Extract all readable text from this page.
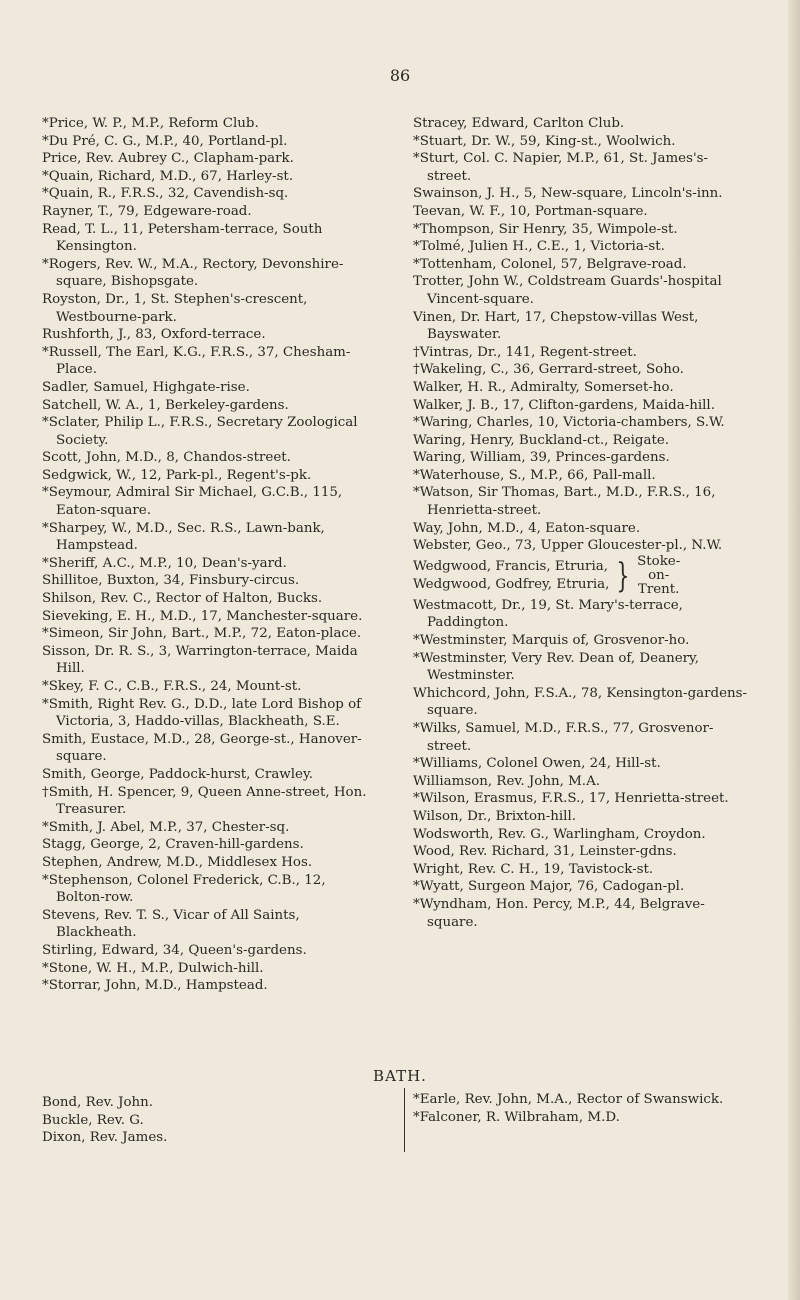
86

*Price, W. P., M.P., Reform Club.

*Du Pré, C. G., M.P., 40, Portland-pl.

Price, Rev. Aubrey C., Clapham-park.

*Quain, Richard, M.D., 67, Harley-st.

*Quain, R., F.R.S., 32, Cavendish-sq.

Rayner, T., 79, Edgeware-road.

Read, T. L., 11, Petersham-terrace, South Kensington.

*Rogers, Rev. W., M.A., Rectory, Devonshire-square, Bishopsgate.

Royston, Dr., 1, St. Stephen's-crescent, Westbourne-park.

Rushforth, J., 83, Oxford-terrace.

*Russell, The Earl, K.G., F.R.S., 37, Chesham-Place.

Sadler, Samuel, Highgate-rise.

Satchell, W. A., 1, Berkeley-gardens.

*Sclater, Philip L., F.R.S., Secretary Zoological Society.

Scott, John, M.D., 8, Chandos-street.

Sedgwick, W., 12, Park-pl., Regent's-pk.

*Seymour, Admiral Sir Michael, G.C.B., 115, Eaton-square.

*Sharpey, W., M.D., Sec. R.S., Lawn-bank, Hampstead.

*Sheriff, A.C., M.P., 10, Dean's-yard.

Shillitoe, Buxton, 34, Finsbury-circus.

Shilson, Rev. C., Rector of Halton, Bucks.

Sieveking, E. H., M.D., 17, Manchester-square.

*Simeon, Sir John, Bart., M.P., 72, Eaton-place.

Sisson, Dr. R. S., 3, Warrington-terrace, Maida Hill.

*Skey, F. C., C.B., F.R.S., 24, Mount-st.

*Smith, Right Rev. G., D.D., late Lord Bishop of Victoria, 3, Haddo-villas, Blackheath, S.E.

Smith, Eustace, M.D., 28, George-st., Hanover-square.

Smith, George, Paddock-hurst, Crawley.

†Smith, H. Spencer, 9, Queen Anne-street, Hon. Treasurer.

*Smith, J. Abel, M.P., 37, Chester-sq.

Stagg, George, 2, Craven-hill-gardens.

Stephen, Andrew, M.D., Middlesex Hos.

*Stephenson, Colonel Frederick, C.B., 12, Bolton-row.

Stevens, Rev. T. S., Vicar of All Saints, Blackheath.

Stirling, Edward, 34, Queen's-gardens.

*Stone, W. H., M.P., Dulwich-hill.

*Storrar, John, M.D., Hampstead.

Stracey, Edward, Carlton Club.

*Stuart, Dr. W., 59, King-st., Woolwich.

*Sturt, Col. C. Napier, M.P., 61, St. James's-street.

Swainson, J. H., 5, New-square, Lincoln's-inn.

Teevan, W. F., 10, Portman-square.

*Thompson, Sir Henry, 35, Wimpole-st.

*Tolmé, Julien H., C.E., 1, Victoria-st.

*Tottenham, Colonel, 57, Belgrave-road.

Trotter, John W., Coldstream Guards'-hospital Vincent-square.

Vinen, Dr. Hart, 17, Chepstow-villas West, Bayswater.

†Vintras, Dr., 141, Regent-street.

†Wakeling, C., 36, Gerrard-street, Soho.

Walker, H. R., Admiralty, Somerset-ho.

Walker, J. B., 17, Clifton-gardens, Maida-hill.

*Waring, Charles, 10, Victoria-chambers, S.W.

Waring, Henry, Buckland-ct., Reigate.

Waring, William, 39, Princes-gardens.

*Waterhouse, S., M.P., 66, Pall-mall.

*Watson, Sir Thomas, Bart., M.D., F.R.S., 16, Henrietta-street.

Way, John, M.D., 4, Eaton-square.

Webster, Geo., 73, Upper Gloucester-pl., N.W.

Wedgwood, Francis, Etruria,
Wedgwood, Godfrey, Etruria, } Stoke-
on-
Trent.

Westmacott, Dr., 19, St. Mary's-terrace, Paddington.

*Westminster, Marquis of, Grosvenor-ho.

*Westminster, Very Rev. Dean of, Deanery, Westminster.

Whichcord, John, F.S.A., 78, Kensington-gardens-square.

*Wilks, Samuel, M.D., F.R.S., 77, Grosvenor-street.

*Williams, Colonel Owen, 24, Hill-st.

Williamson, Rev. John, M.A.

*Wilson, Erasmus, F.R.S., 17, Henrietta-street.

Wilson, Dr., Brixton-hill.

Wodsworth, Rev. G., Warlingham, Croydon.

Wood, Rev. Richard, 31, Leinster-gdns.

Wright, Rev. C. H., 19, Tavistock-st.

*Wyatt, Surgeon Major, 76, Cadogan-pl.

*Wyndham, Hon. Percy, M.P., 44, Belgrave-square.

BATH.

Bond, Rev. John.

Buckle, Rev. G.

Dixon, Rev. James.

*Earle, Rev. John, M.A., Rector of Swanswick.

*Falconer, R. Wilbraham, M.D.
